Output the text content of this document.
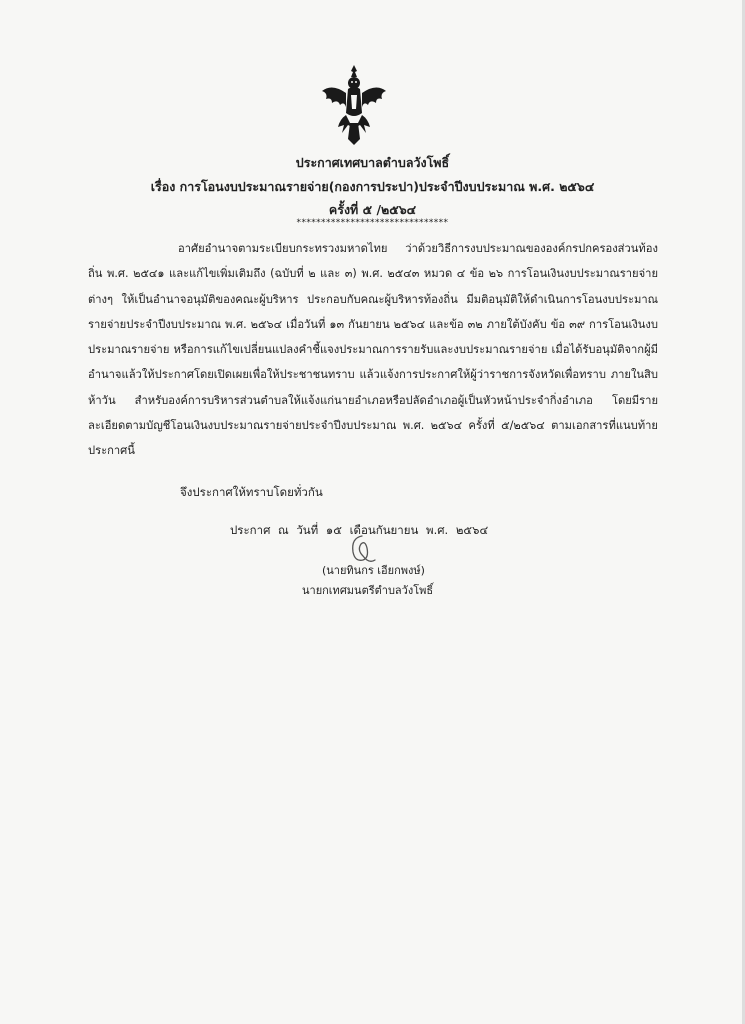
ประกาศเทศบาลตำบลวังโพธิ์
เรื่อง การโอนงบประมาณรายจ่าย(กองการประปา)ประจำปีงบประมาณ พ.ศ. ๒๕๖๔
ครั้งที่ ๕ /๒๕๖๔
*******************************
อาศัยอำนาจตามระเบียบกระทรวงมหาดไทย ว่าด้วยวิธีการงบประมาณขององค์กรปกครองส่วนท้องถิ่น พ.ศ. ๒๕๔๑ และแก้ไขเพิ่มเติมถึง (ฉบับที่ ๒ และ ๓) พ.ศ. ๒๕๔๓ หมวด ๔ ข้อ ๒๖ การโอนเงินงบประมาณรายจ่ายต่างๆ ให้เป็นอำนาจอนุมัติของคณะผู้บริหาร ประกอบกับคณะผู้บริหารท้องถิ่น มีมติอนุมัติให้ดำเนินการโอนงบประมาณรายจ่ายประจำปีงบประมาณ พ.ศ. ๒๕๖๔ เมื่อวันที่ ๑๓ กันยายน ๒๕๖๔ และข้อ ๓๒ ภายใต้บังคับ ข้อ ๓๙ การโอนเงินงบประมาณรายจ่าย หรือการแก้ไขเปลี่ยนแปลงคำชี้แจงประมาณการรายรับและงบประมาณรายจ่าย เมื่อได้รับอนุมัติจากผู้มีอำนาจแล้วให้ประกาศโดยเปิดเผยเพื่อให้ประชาชนทราบ แล้วแจ้งการประกาศให้ผู้ว่าราชการจังหวัดเพื่อทราบ ภายในสิบห้าวัน สำหรับองค์การบริหารส่วนตำบลให้แจ้งแก่นายอำเภอหรือปลัดอำเภอผู้เป็นหัวหน้าประจำกิ่งอำเภอ โดยมีรายละเอียดตามบัญชีโอนเงินงบประมาณรายจ่ายประจำปีงบประมาณ พ.ศ. ๒๕๖๔ ครั้งที่ ๕/๒๕๖๔ ตามเอกสารที่แนบท้ายประกาศนี้
จึงประกาศให้ทราบโดยทั่วกัน
ประกาศ ณ วันที่ ๑๕ เดือนกันยายน พ.ศ. ๒๕๖๔
(นายทินกร เอียกพงษ์)
นายกเทศมนตรีตำบลวังโพธิ์
